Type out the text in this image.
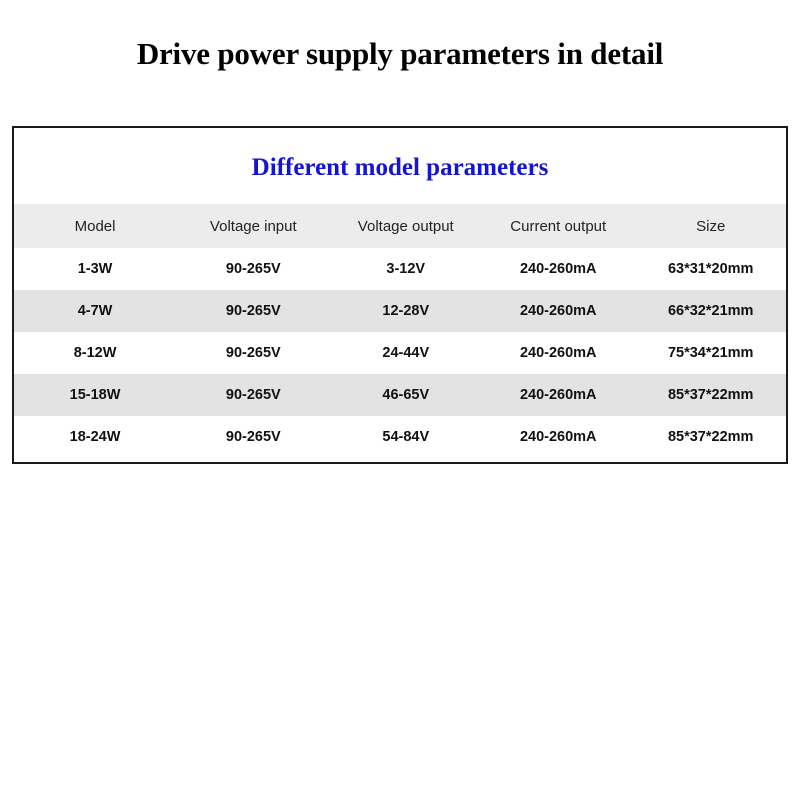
Drive power supply parameters in detail
Different model parameters
Model	Voltage input	Voltage output	Current output	Size
1-3W	90-265V	3-12V	240-260mA	63*31*20mm
4-7W	90-265V	12-28V	240-260mA	66*32*21mm
8-12W	90-265V	24-44V	240-260mA	75*34*21mm
15-18W	90-265V	46-65V	240-260mA	85*37*22mm
18-24W	90-265V	54-84V	240-260mA	85*37*22mm
